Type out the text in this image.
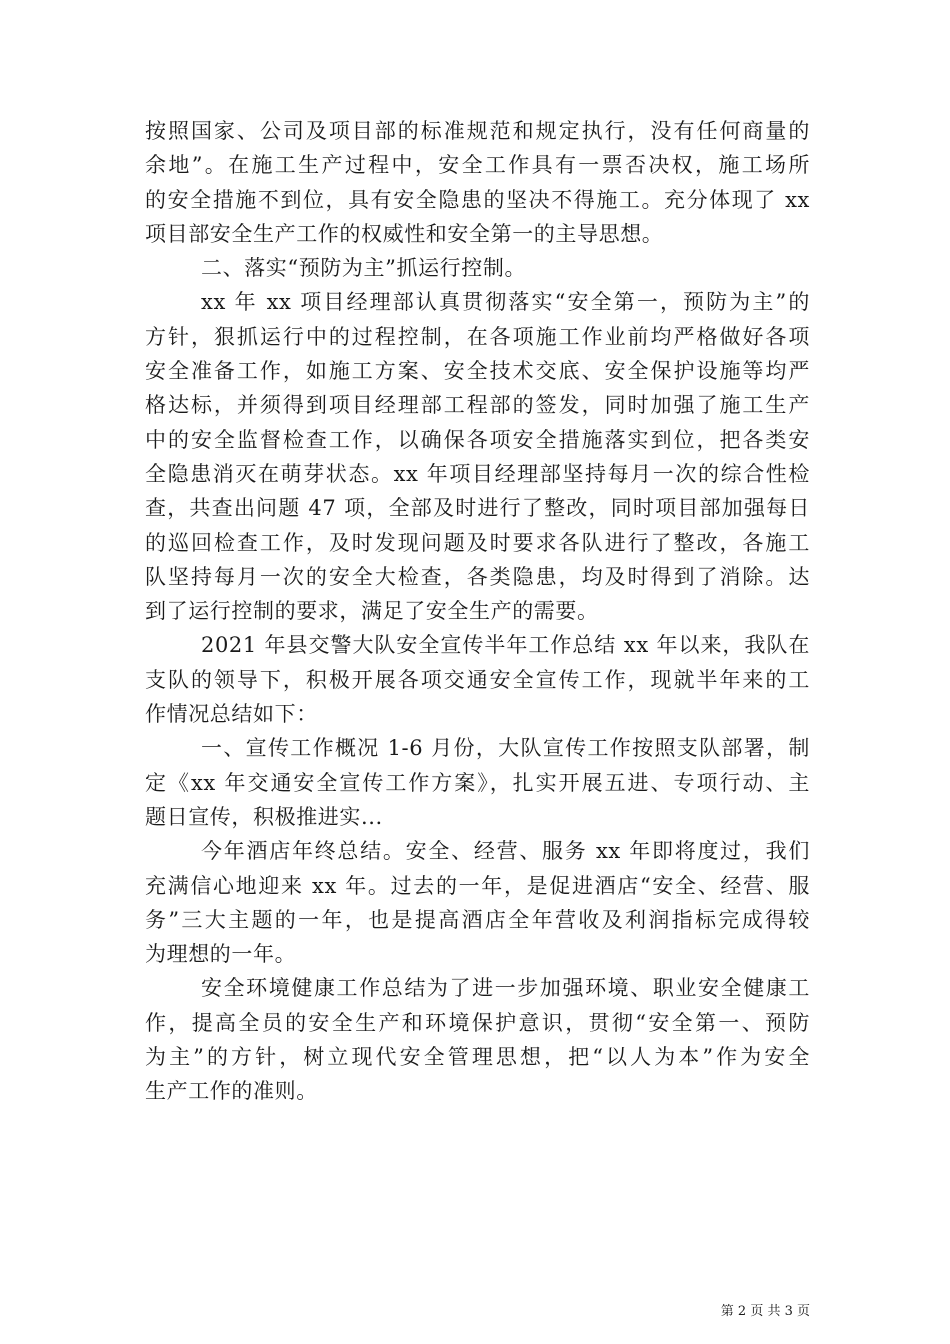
按照国家、公司及项目部的标准规范和规定执行，没有任何商量的
余地”。在施工生产过程中，安全工作具有一票否决权，施工场所
的安全措施不到位，具有安全隐患的坚决不得施工。充分体现了 xx
项目部安全生产工作的权威性和安全第一的主导思想。
二、落实“预防为主”抓运行控制。
xx 年 xx 项目经理部认真贯彻落实“安全第一，预防为主”的
方针，狠抓运行中的过程控制，在各项施工作业前均严格做好各项
安全准备工作，如施工方案、安全技术交底、安全保护设施等均严
格达标，并须得到项目经理部工程部的签发，同时加强了施工生产
中的安全监督检查工作，以确保各项安全措施落实到位，把各类安
全隐患消灭在萌芽状态。xx 年项目经理部坚持每月一次的综合性检
查，共查出问题 47 项，全部及时进行了整改，同时项目部加强每日
的巡回检查工作，及时发现问题及时要求各队进行了整改，各施工
队坚持每月一次的安全大检查，各类隐患，均及时得到了消除。达
到了运行控制的要求，满足了安全生产的需要。
2021 年县交警大队安全宣传半年工作总结 xx 年以来，我队在
支队的领导下，积极开展各项交通安全宣传工作，现就半年来的工
作情况总结如下：
一、宣传工作概况 1-6 月份，大队宣传工作按照支队部署，制
定《xx 年交通安全宣传工作方案》，扎实开展五进、专项行动、主
题日宣传，积极推进实...
今年酒店年终总结。安全、经营、服务 xx 年即将度过，我们
充满信心地迎来 xx 年。过去的一年，是促进酒店“安全、经营、服
务”三大主题的一年，也是提高酒店全年营收及利润指标完成得较
为理想的一年。
安全环境健康工作总结为了进一步加强环境、职业安全健康工
作，提高全员的安全生产和环境保护意识，贯彻“安全第一、预防
为主”的方针，树立现代安全管理思想，把“以人为本”作为安全
生产工作的准则。
第 2 页 共 3 页
